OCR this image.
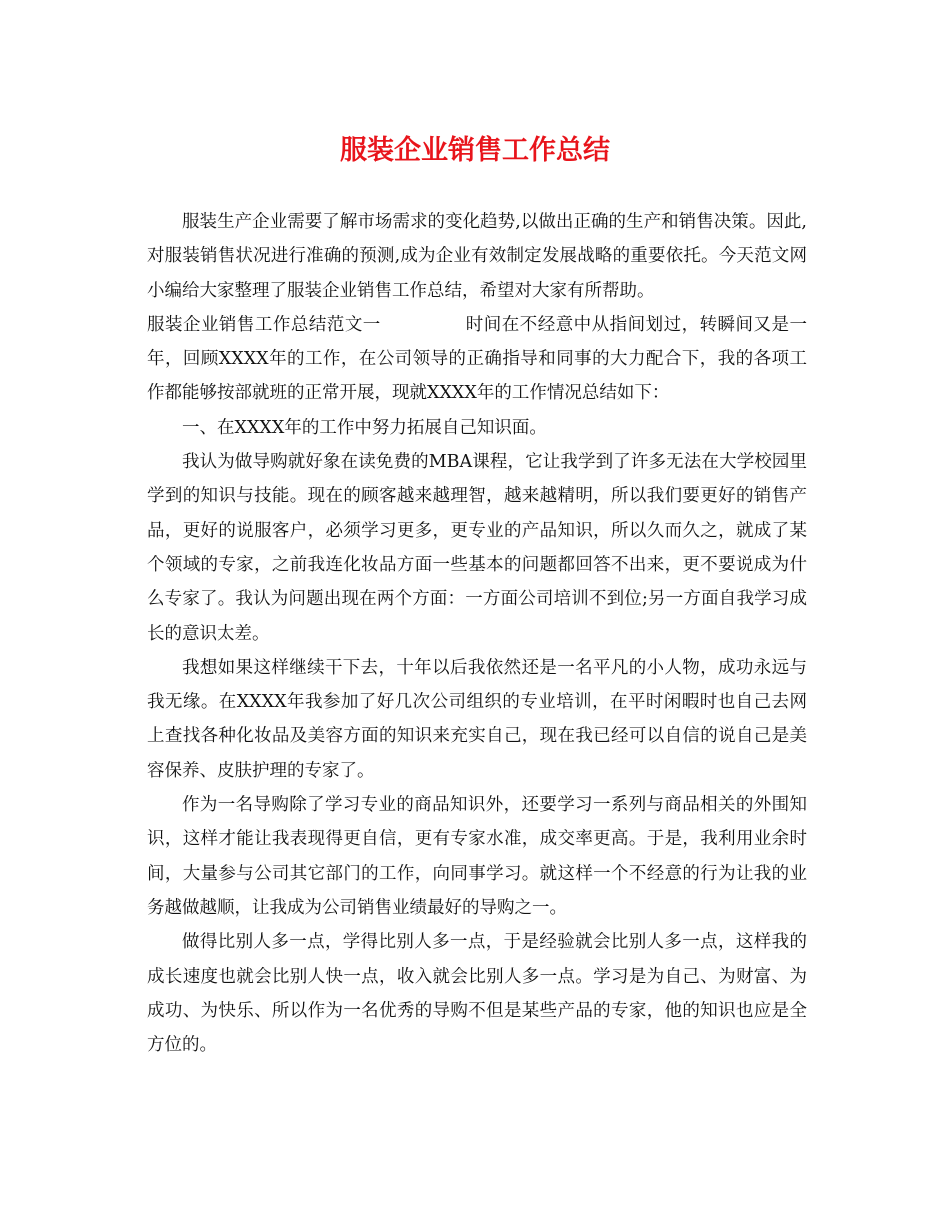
服装企业销售工作总结

服装生产企业需要了解市场需求的变化趋势,以做出正确的生产和销售决策。因此,对服装销售状况进行准确的预测,成为企业有效制定发展战略的重要依托。今天范文网小编给大家整理了服装企业销售工作总结，希望对大家有所帮助。

服装企业销售工作总结范文一		时间在不经意中从指间划过，转瞬间又是一年，回顾XXXX年的工作，在公司领导的正确指导和同事的大力配合下，我的各项工作都能够按部就班的正常开展，现就XXXX年的工作情况总结如下：

一、在XXXX年的工作中努力拓展自己知识面。

我认为做导购就好象在读免费的MBA课程，它让我学到了许多无法在大学校园里学到的知识与技能。现在的顾客越来越理智，越来越精明，所以我们要更好的销售产品，更好的说服客户，必须学习更多，更专业的产品知识，所以久而久之，就成了某个领域的专家，之前我连化妆品方面一些基本的问题都回答不出来，更不要说成为什么专家了。我认为问题出现在两个方面：一方面公司培训不到位;另一方面自我学习成长的意识太差。

我想如果这样继续干下去，十年以后我依然还是一名平凡的小人物，成功永远与我无缘。在XXXX年我参加了好几次公司组织的专业培训，在平时闲暇时也自己去网上查找各种化妆品及美容方面的知识来充实自己，现在我已经可以自信的说自己是美容保养、皮肤护理的专家了。

作为一名导购除了学习专业的商品知识外，还要学习一系列与商品相关的外围知识，这样才能让我表现得更自信，更有专家水准，成交率更高。于是，我利用业余时间，大量参与公司其它部门的工作，向同事学习。就这样一个不经意的行为让我的业务越做越顺，让我成为公司销售业绩最好的导购之一。

做得比别人多一点，学得比别人多一点，于是经验就会比别人多一点，这样我的成长速度也就会比别人快一点，收入就会比别人多一点。学习是为自己、为财富、为成功、为快乐、所以作为一名优秀的导购不但是某些产品的专家，他的知识也应是全方位的。
